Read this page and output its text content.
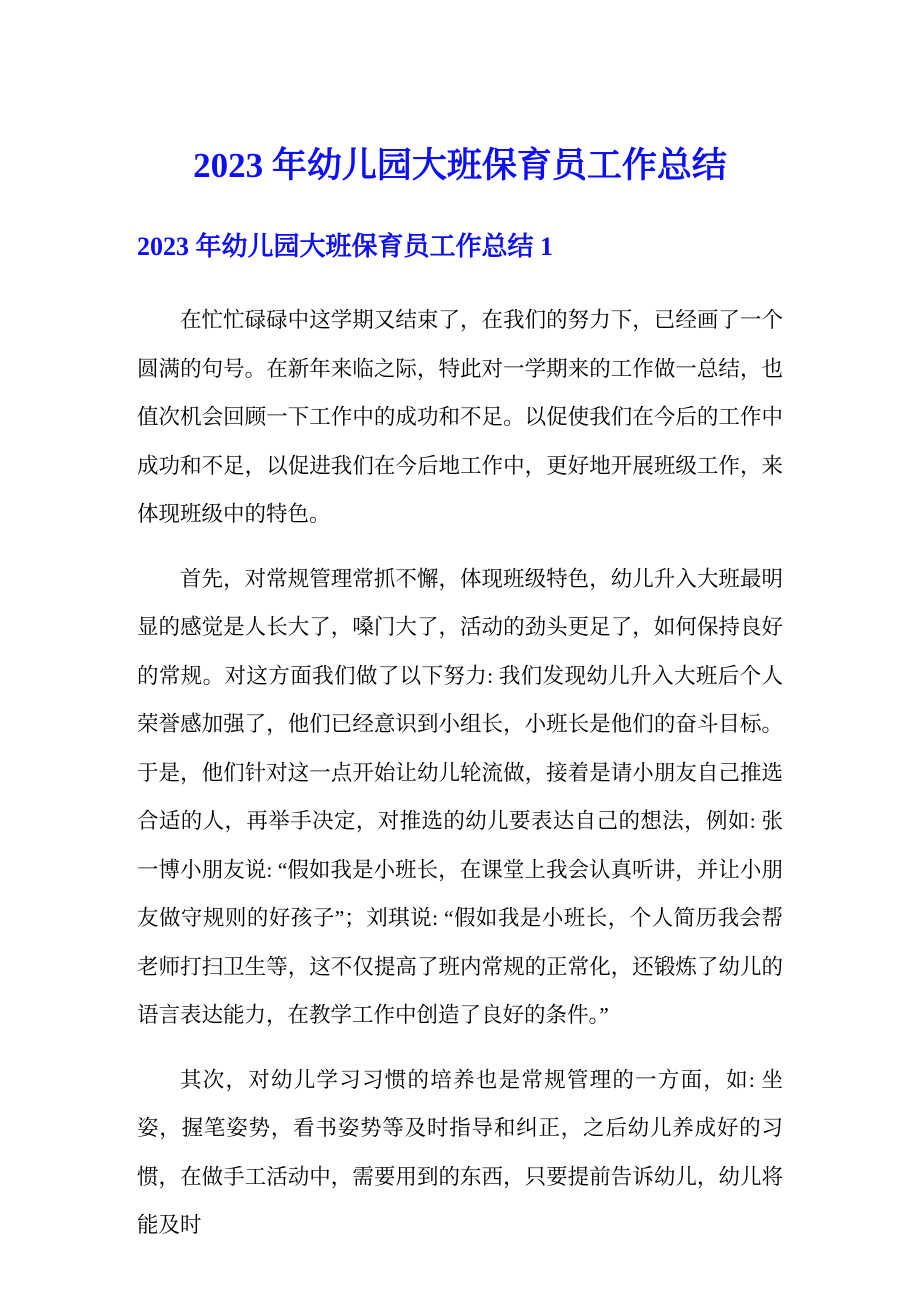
2023 年幼儿园大班保育员工作总结
2023 年幼儿园大班保育员工作总结 1

在忙忙碌碌中这学期又结束了，在我们的努力下，已经画了一个圆满的句号。在新年来临之际，特此对一学期来的工作做一总结，也值次机会回顾一下工作中的成功和不足。以促使我们在今后的工作中成功和不足，以促进我们在今后地工作中，更好地开展班级工作，来体现班级中的特色。

首先，对常规管理常抓不懈，体现班级特色，幼儿升入大班最明显的感觉是人长大了，嗓门大了，活动的劲头更足了，如何保持良好的常规。对这方面我们做了以下努力: 我们发现幼儿升入大班后个人荣誉感加强了，他们已经意识到小组长，小班长是他们的奋斗目标。于是，他们针对这一点开始让幼儿轮流做，接着是请小朋友自己推选合适的人，再举手决定，对推选的幼儿要表达自己的想法，例如: 张一博小朋友说: “假如我是小班长，在课堂上我会认真听讲，并让小朋友做守规则的好孩子”；刘琪说: “假如我是小班长，个人简历我会帮老师打扫卫生等，这不仅提高了班内常规的正常化，还锻炼了幼儿的语言表达能力，在教学工作中创造了良好的条件。”

其次，对幼儿学习习惯的培养也是常规管理的一方面，如: 坐姿，握笔姿势，看书姿势等及时指导和纠正，之后幼儿养成好的习惯，在做手工活动中，需要用到的东西，只要提前告诉幼儿，幼儿将能及时
